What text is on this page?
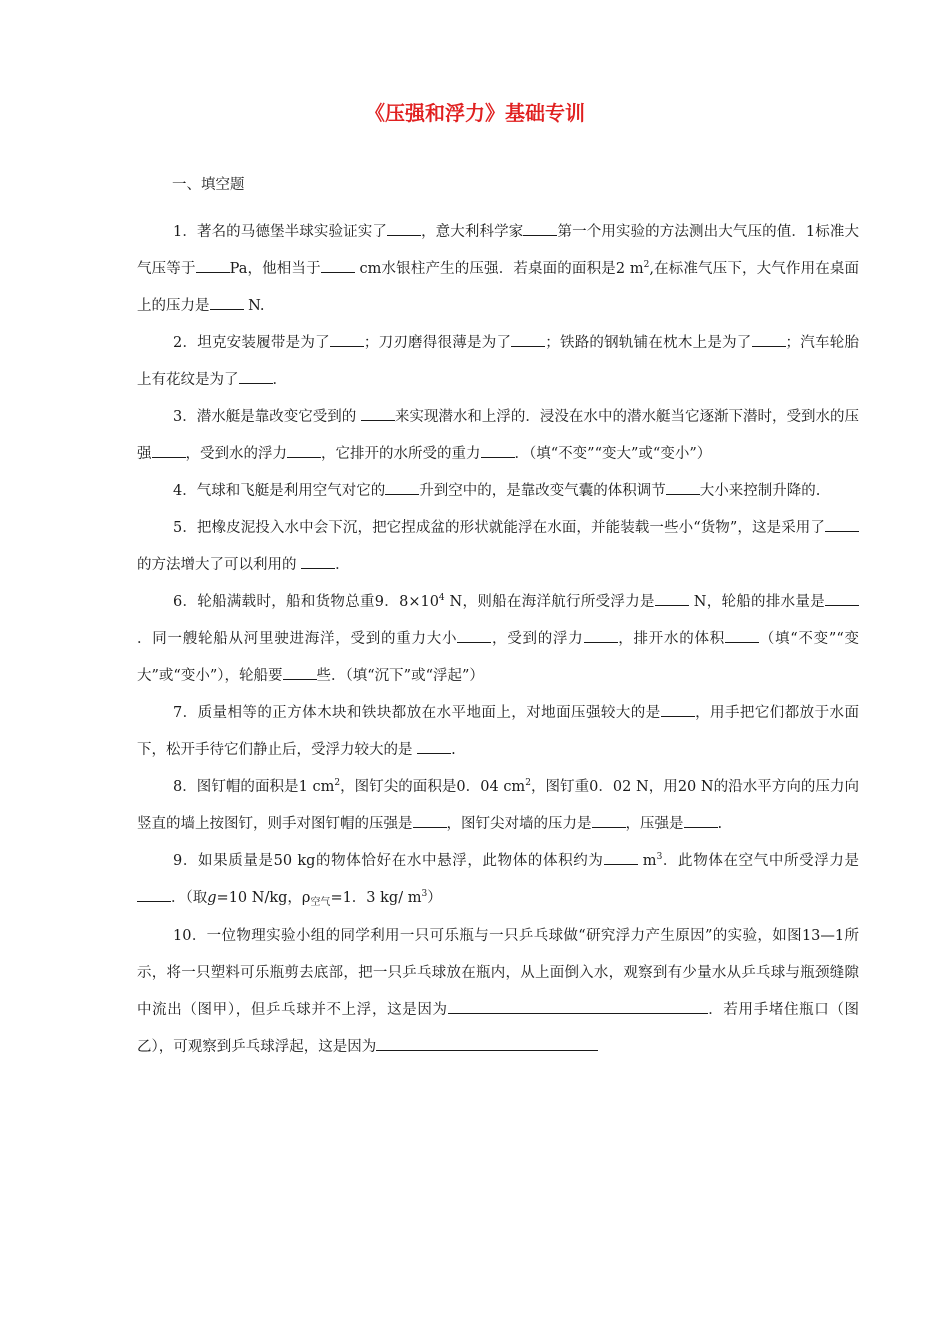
《压强和浮力》基础专训
一、填空题

1．著名的马德堡半球实验证实了 ，意大利科学家 第一个用实验的方法测出大气压的值．1标准大气压等于 Pa，他相当于 cm水银柱产生的压强．若桌面的面积是2 $m^2$,在标准气压下，大气作用在桌面上的压力是 N.

2．坦克安装履带是为了 ；刀刃磨得很薄是为了 ；铁路的钢轨铺在枕木上是为了 ；汽车轮胎上有花纹是为了 ．

3．潜水艇是靠改变它受到的 来实现潜水和上浮的．浸没在水中的潜水艇当它逐渐下潜时，受到水的压强 ，受到水的浮力 ，它排开的水所受的重力 ．（填“不变”“变大”或“变小”）

4．气球和飞艇是利用空气对它的 升到空中的，是靠改变气囊的体积调节 大小来控制升降的.

5．把橡皮泥投入水中会下沉，把它捏成盆的形状就能浮在水面，并能装载一些小“货物”，这是采用了的方法增大了可以利用的 ．

6．轮船满载时，船和货物总重9．$8\times 10^4$ N，则船在海洋航行所受浮力是 N，轮船的排水量是．同一艘轮船从河里驶进海洋，受到的重力大小 ，受到的浮力 ，排开水的体积 （填“不变”“变大”或“变小”），轮船要 些．（填“沉下”或“浮起”）

7．质量相等的正方体木块和铁块都放在水平地面上，对地面压强较大的是 ，用手把它们都放于水面下，松开手待它们静止后，受浮力较大的是 .

8．图钉帽的面积是1 $cm^2$，图钉尖的面积是0．04 $cm^2$，图钉重0．02 N，用20 N的沿水平方向的压力向竖直的墙上按图钉，则手对图钉帽的压强是 ，图钉尖对墙的压力是 ，压强是 .

9．如果质量是50 kg的物体恰好在水中悬浮，此物体的体积约为 $m^3$．此物体在空气中所受浮力是．（取g=10 N/kg，$\rho_{空气}=1$．3 kg/ $m^3$）

10．一位物理实验小组的同学利用一只可乐瓶与一只乒乓球做“研究浮力产生原因”的实验，如图13—1所示，将一只塑料可乐瓶剪去底部，把一只乒乓球放在瓶内，从上面倒入水，观察到有少量水从乒乓球与瓶颈缝隙中流出（图甲），但乒乓球并不上浮，这是因为	．若用手堵住瓶口（图乙），可观察到乒乓球浮起，这是因为
